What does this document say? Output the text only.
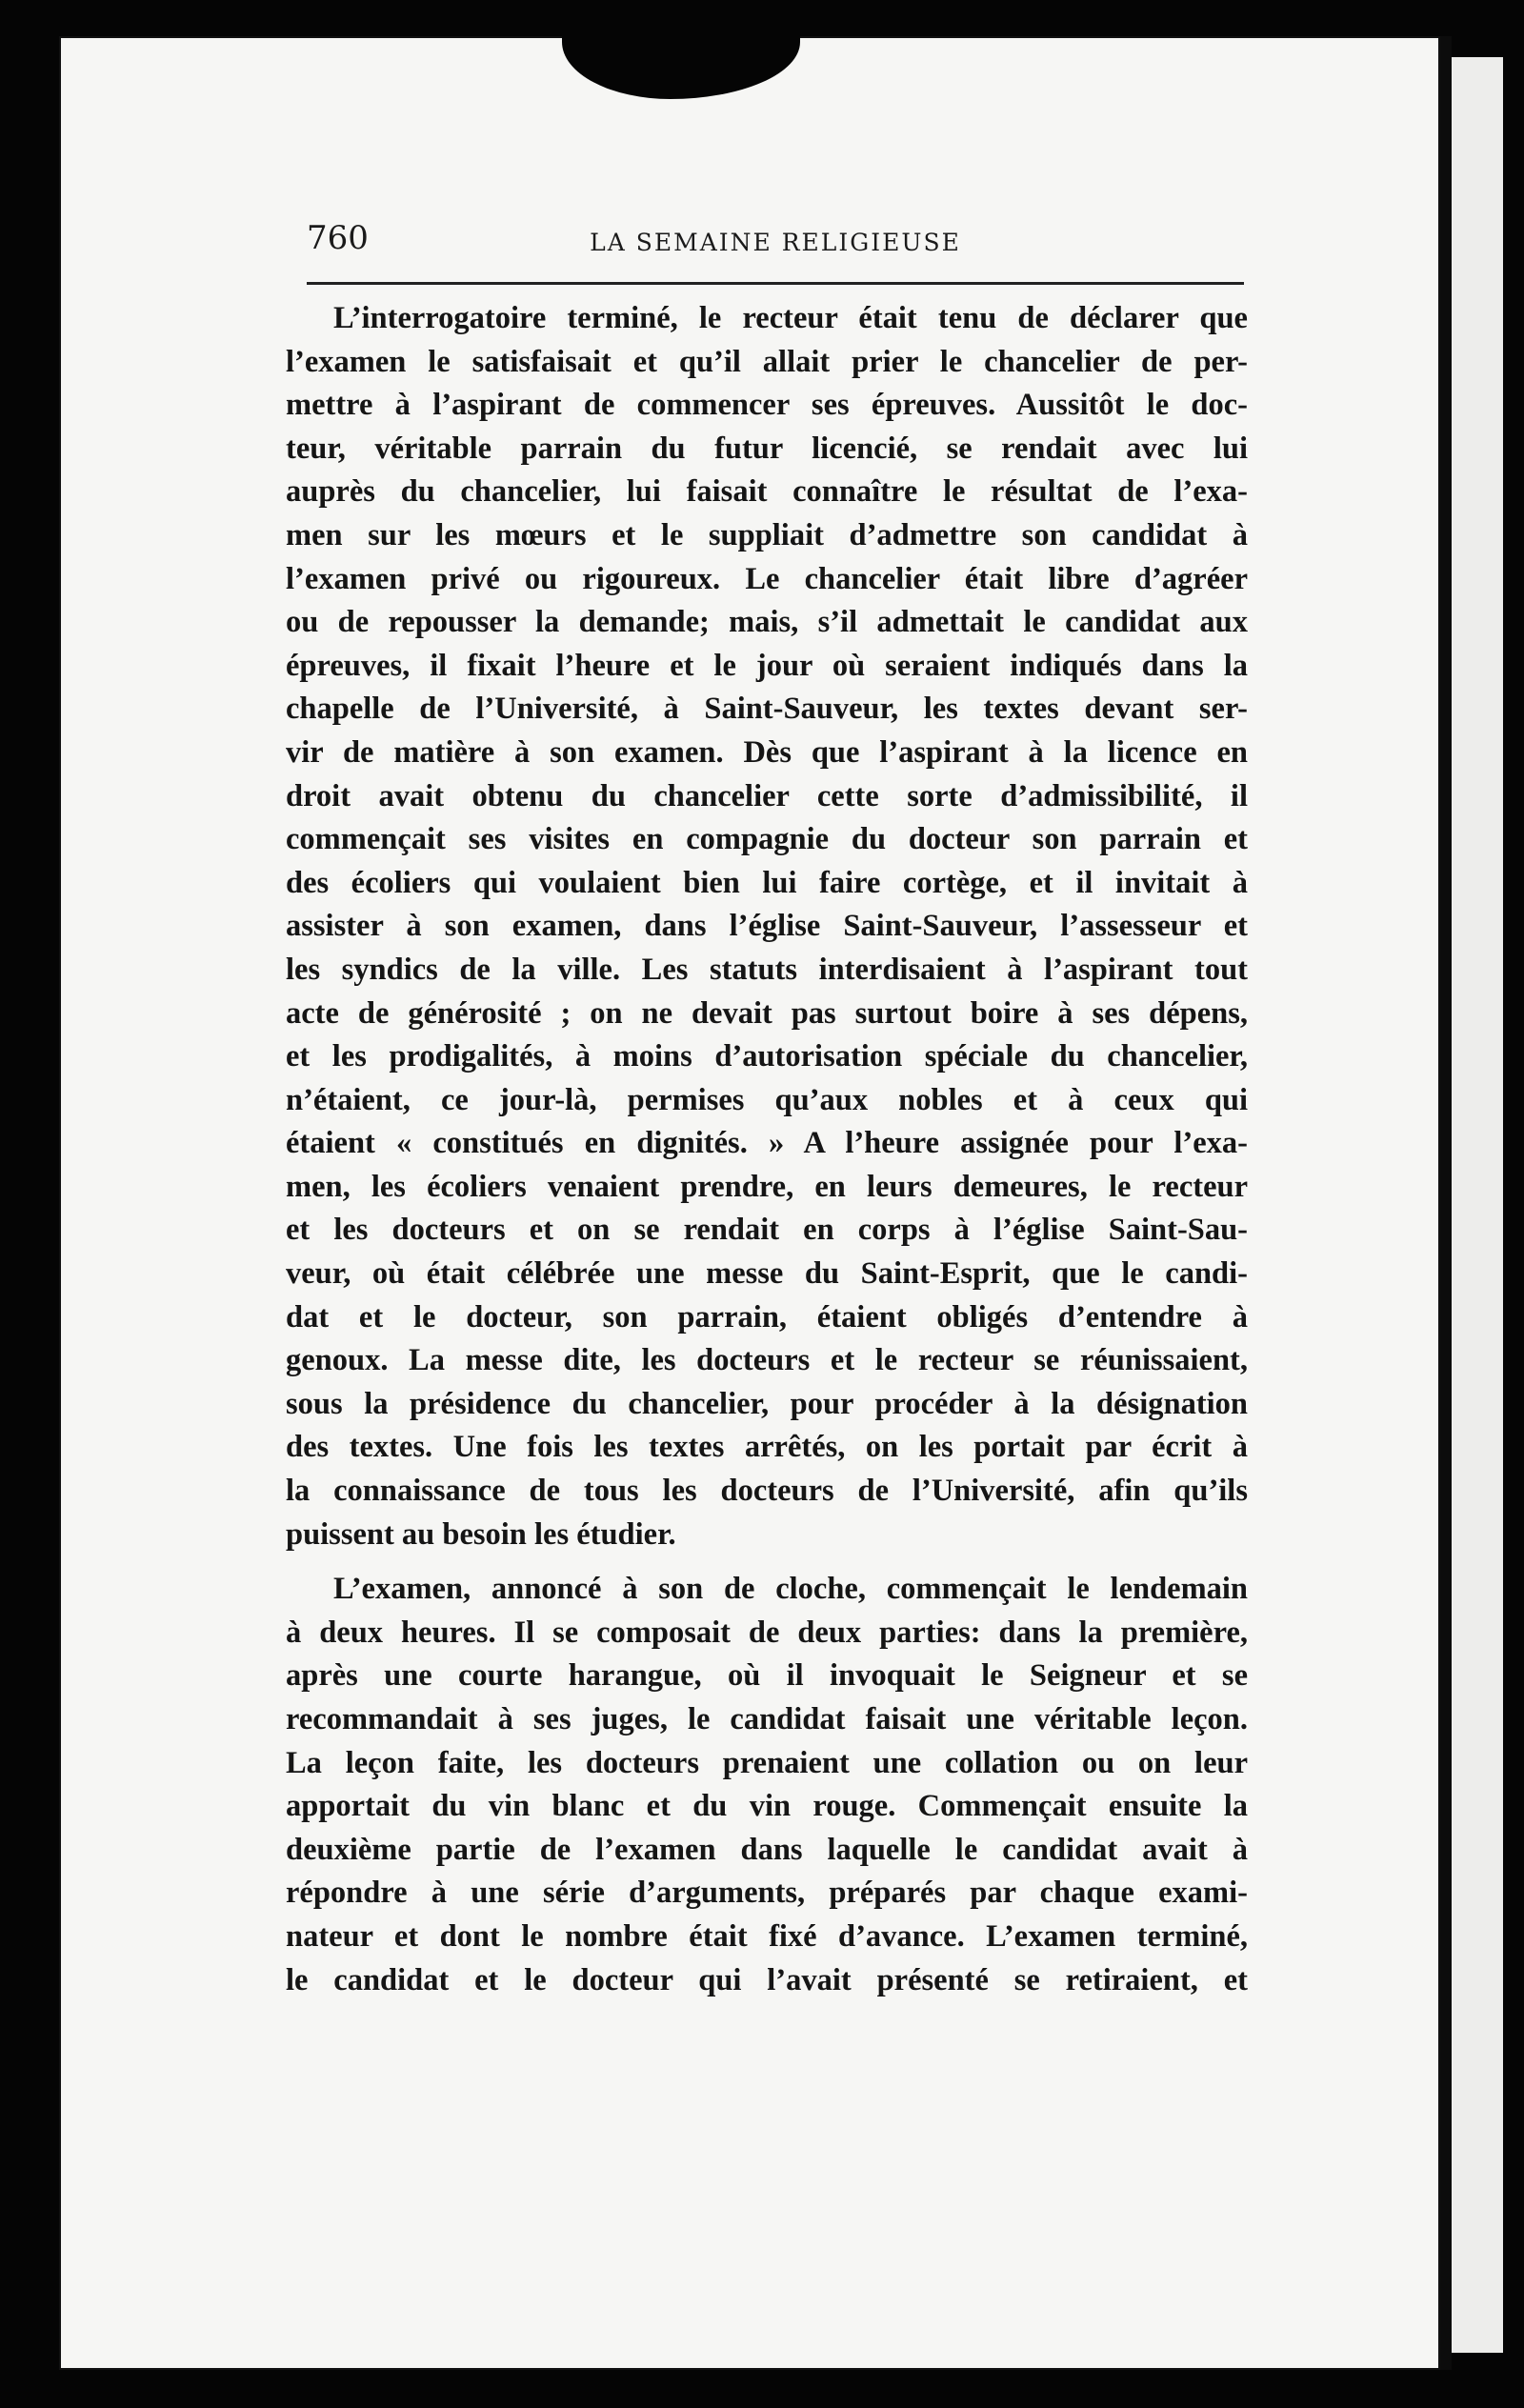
760	LA SEMAINE RELIGIEUSE
L’interrogatoire terminé, le recteur était tenu de déclarer que
l’examen le satisfaisait et qu’il allait prier le chancelier de per-
mettre à l’aspirant de commencer ses épreuves. Aussitôt le doc-
teur, véritable parrain du futur licencié, se rendait avec lui
auprès du chancelier, lui faisait connaître le résultat de l’exa-
men sur les mœurs et le suppliait d’admettre son candidat à
l’examen privé ou rigoureux. Le chancelier était libre d’agréer
ou de repousser la demande; mais, s’il admettait le candidat aux
épreuves, il fixait l’heure et le jour où seraient indiqués dans la
chapelle de l’Université, à Saint-Sauveur, les textes devant ser-
vir de matière à son examen. Dès que l’aspirant à la licence en
droit avait obtenu du chancelier cette sorte d’admissibilité, il
commençait ses visites en compagnie du docteur son parrain et
des écoliers qui voulaient bien lui faire cortège, et il invitait à
assister à son examen, dans l’église Saint-Sauveur, l’assesseur et
les syndics de la ville. Les statuts interdisaient à l’aspirant tout
acte de générosité ; on ne devait pas surtout boire à ses dépens,
et les prodigalités, à moins d’autorisation spéciale du chancelier,
n’étaient, ce jour-là, permises qu’aux nobles et à ceux qui
étaient « constitués en dignités. » A l’heure assignée pour l’exa-
men, les écoliers venaient prendre, en leurs demeures, le recteur
et les docteurs et on se rendait en corps à l’église Saint-Sau-
veur, où était célébrée une messe du Saint-Esprit, que le candi-
dat et le docteur, son parrain, étaient obligés d’entendre à
genoux. La messe dite, les docteurs et le recteur se réunissaient,
sous la présidence du chancelier, pour procéder à la désignation
des textes. Une fois les textes arrêtés, on les portait par écrit à
la connaissance de tous les docteurs de l’Université, afin qu’ils
puissent au besoin les étudier.
L’examen, annoncé à son de cloche, commençait le lendemain
à deux heures. Il se composait de deux parties: dans la première,
après une courte harangue, où il invoquait le Seigneur et se
recommandait à ses juges, le candidat faisait une véritable leçon.
La leçon faite, les docteurs prenaient une collation ou on leur
apportait du vin blanc et du vin rouge. Commençait ensuite la
deuxième partie de l’examen dans laquelle le candidat avait à
répondre à une série d’arguments, préparés par chaque exami-
nateur et dont le nombre était fixé d’avance. L’examen terminé,
le candidat et le docteur qui l’avait présenté se retiraient, et
